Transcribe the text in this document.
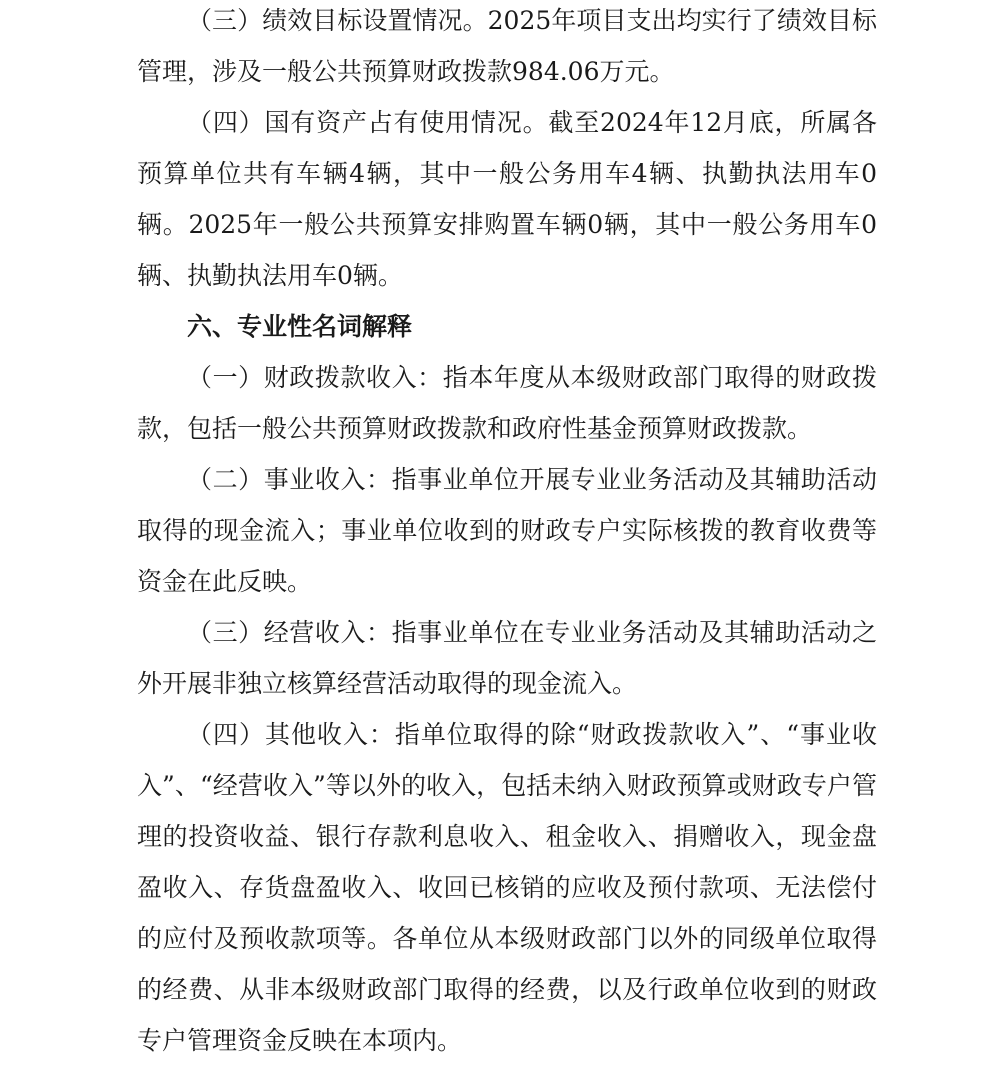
（三）绩效目标设置情况。2025年项目支出均实行了绩效目标管理，涉及一般公共预算财政拨款984.06万元。

（四）国有资产占有使用情况。截至2024年12月底，所属各预算单位共有车辆4辆，其中一般公务用车4辆、执勤执法用车0辆。2025年一般公共预算安排购置车辆0辆，其中一般公务用车0辆、执勤执法用车0辆。

六、专业性名词解释

（一）财政拨款收入：指本年度从本级财政部门取得的财政拨款，包括一般公共预算财政拨款和政府性基金预算财政拨款。

（二）事业收入：指事业单位开展专业业务活动及其辅助活动取得的现金流入；事业单位收到的财政专户实际核拨的教育收费等资金在此反映。

（三）经营收入：指事业单位在专业业务活动及其辅助活动之外开展非独立核算经营活动取得的现金流入。

（四）其他收入：指单位取得的除“财政拨款收入”、“事业收入”、“经营收入”等以外的收入，包括未纳入财政预算或财政专户管理的投资收益、银行存款利息收入、租金收入、捐赠收入，现金盘盈收入、存货盘盈收入、收回已核销的应收及预付款项、无法偿付的应付及预收款项等。各单位从本级财政部门以外的同级单位取得的经费、从非本级财政部门取得的经费，以及行政单位收到的财政专户管理资金反映在本项内。
